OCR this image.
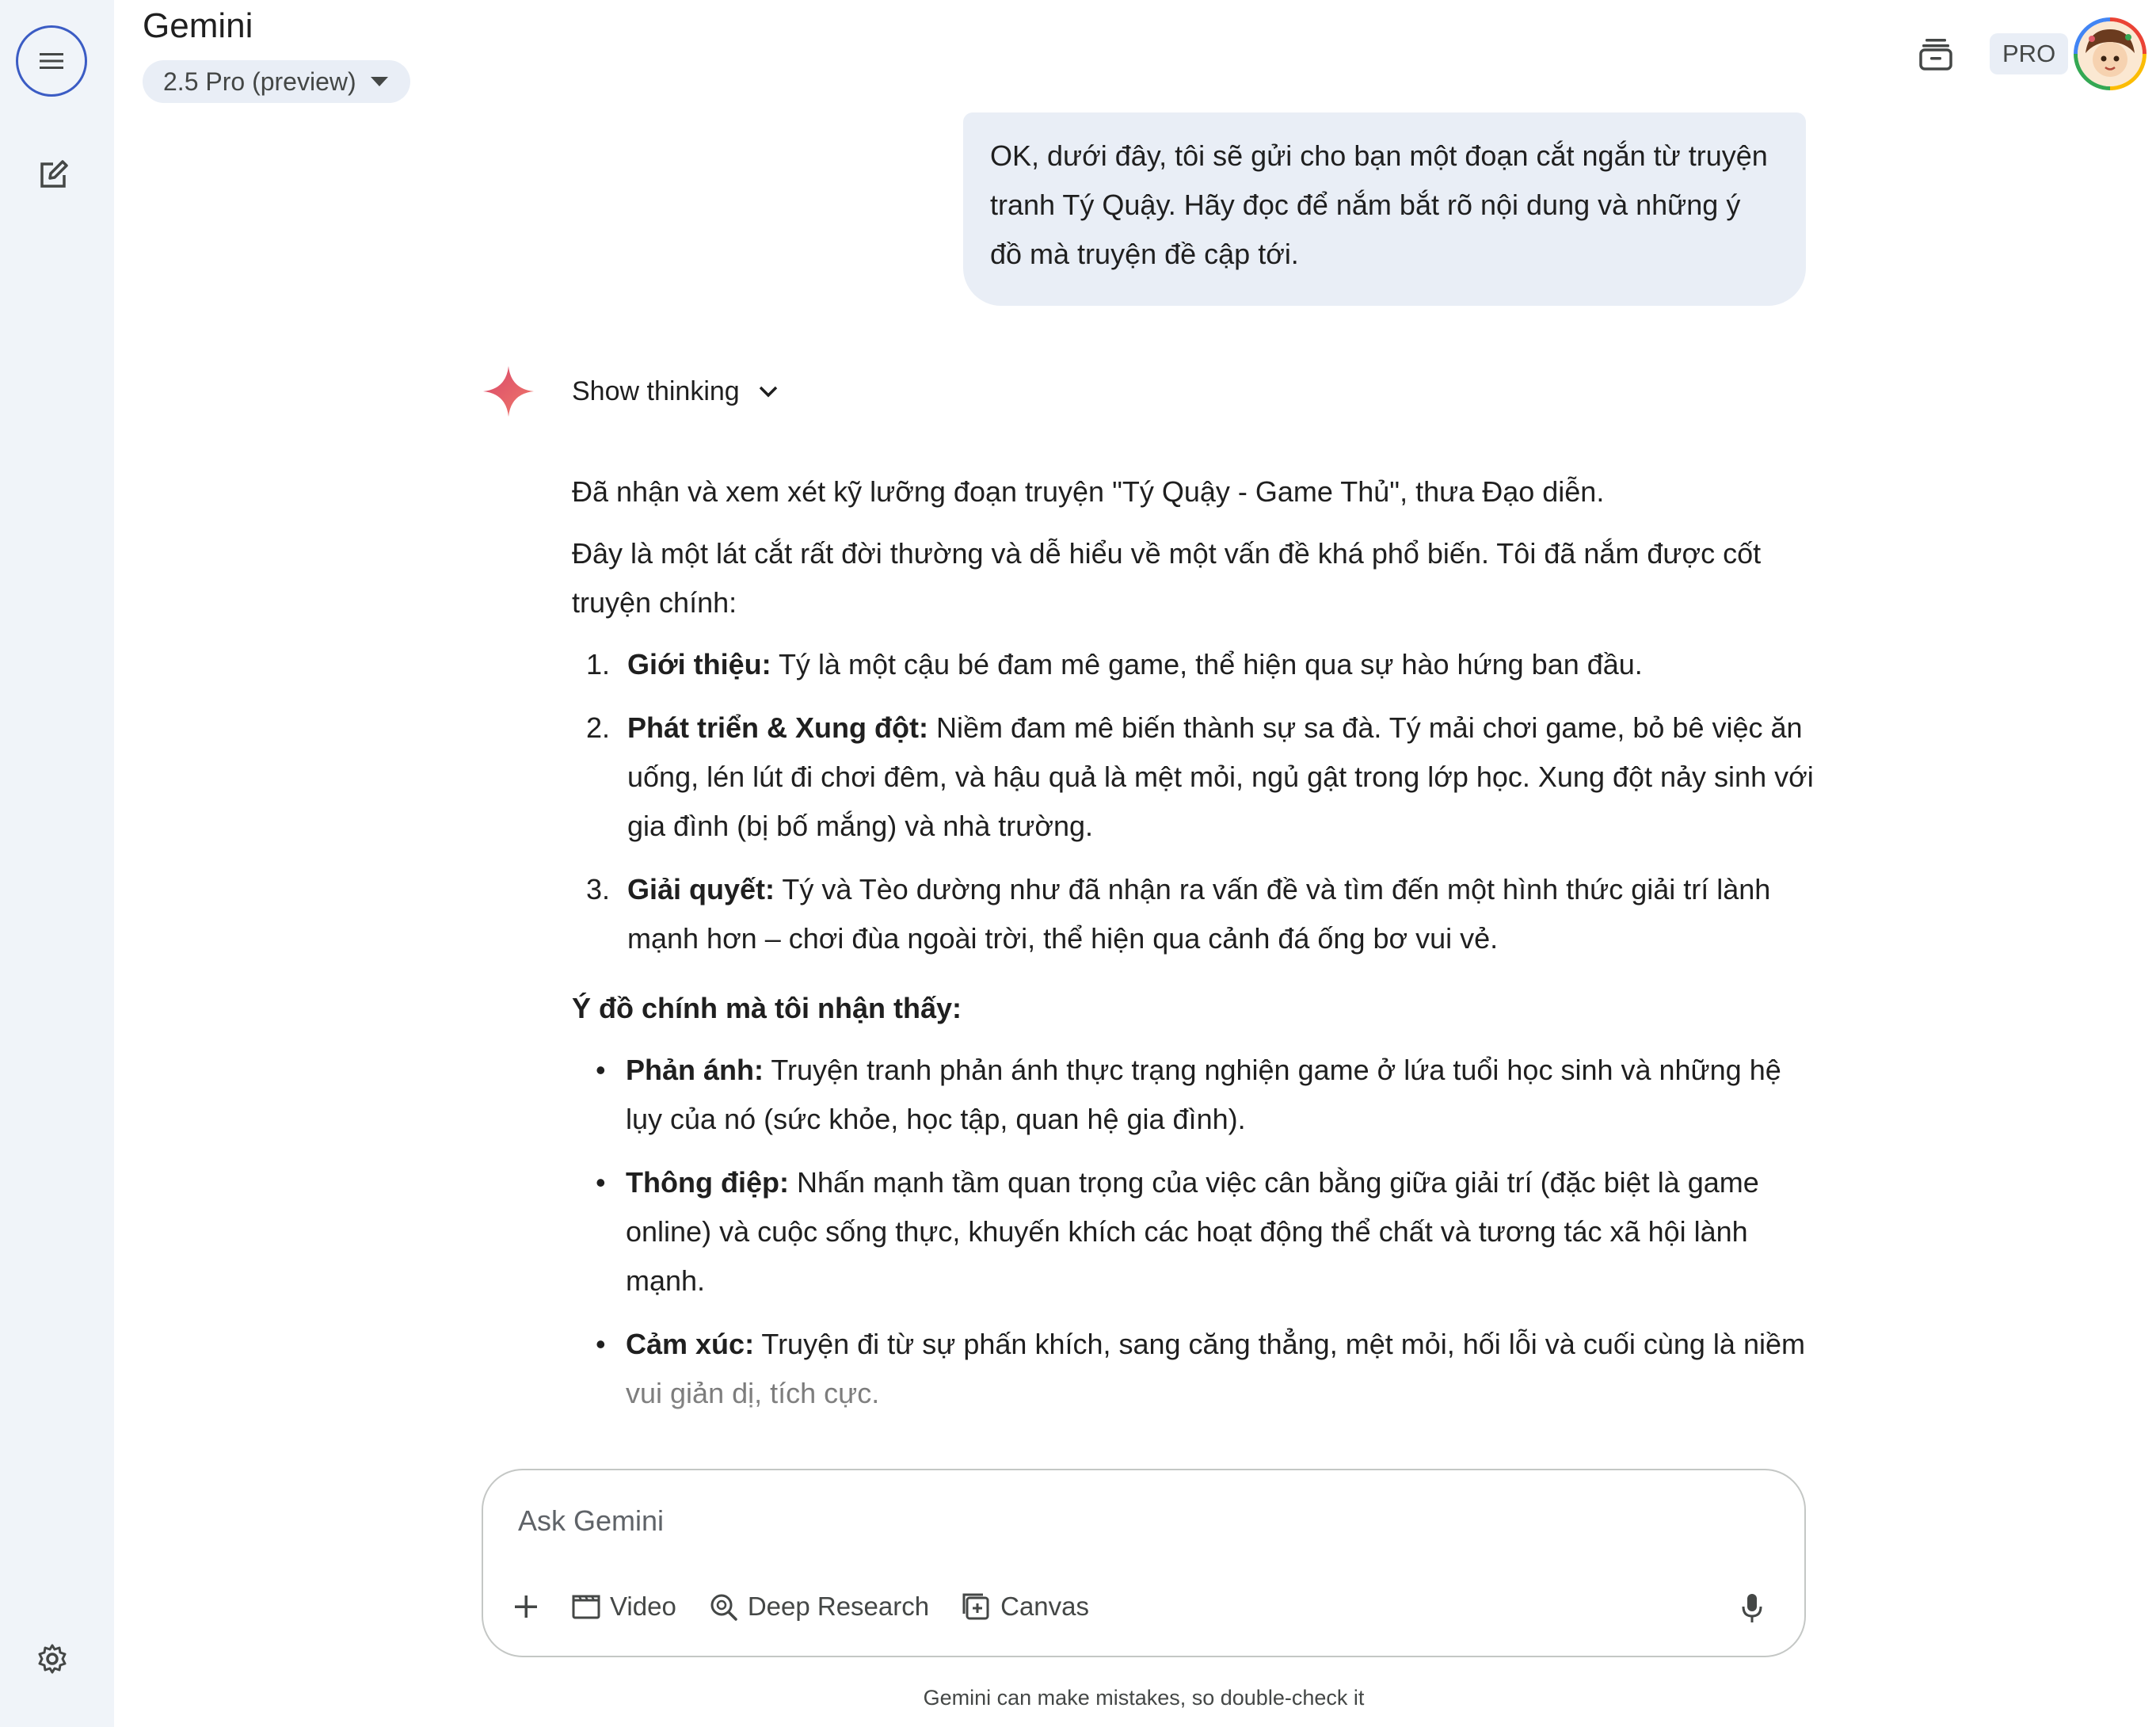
Gemini
2.5 Pro (preview)
PRO
OK, dưới đây, tôi sẽ gửi cho bạn một đoạn cắt ngắn từ truyện tranh Tý Quậy. Hãy đọc để nắm bắt rõ nội dung và những ý đồ mà truyện đề cập tới.
Show thinking

Đã nhận và xem xét kỹ lưỡng đoạn truyện "Tý Quậy - Game Thủ", thưa Đạo diễn.

Đây là một lát cắt rất đời thường và dễ hiểu về một vấn đề khá phổ biến. Tôi đã nắm được cốt truyện chính:

1. Giới thiệu: Tý là một cậu bé đam mê game, thể hiện qua sự hào hứng ban đầu.
2. Phát triển & Xung đột: Niềm đam mê biến thành sự sa đà. Tý mải chơi game, bỏ bê việc ăn uống, lén lút đi chơi đêm, và hậu quả là mệt mỏi, ngủ gật trong lớp học. Xung đột nảy sinh với gia đình (bị bố mắng) và nhà trường.
3. Giải quyết: Tý và Tèo dường như đã nhận ra vấn đề và tìm đến một hình thức giải trí lành mạnh hơn – chơi đùa ngoài trời, thể hiện qua cảnh đá ống bơ vui vẻ.

Ý đồ chính mà tôi nhận thấy:

•
Phản ánh: Truyện tranh phản ánh thực trạng nghiện game ở lứa tuổi học sinh và những hệ lụy của nó (sức khỏe, học tập, quan hệ gia đình).
•
Thông điệp: Nhấn mạnh tầm quan trọng của việc cân bằng giữa giải trí (đặc biệt là game online) và cuộc sống thực, khuyến khích các hoạt động thể chất và tương tác xã hội lành mạnh.
•
Cảm xúc: Truyện đi từ sự phấn khích, sang căng thẳng, mệt mỏi, hối lỗi và cuối cùng là niềm vui giản dị, tích cực.
Ask Gemini
Video	Deep Research	Canvas
Gemini can make mistakes, so double-check it
